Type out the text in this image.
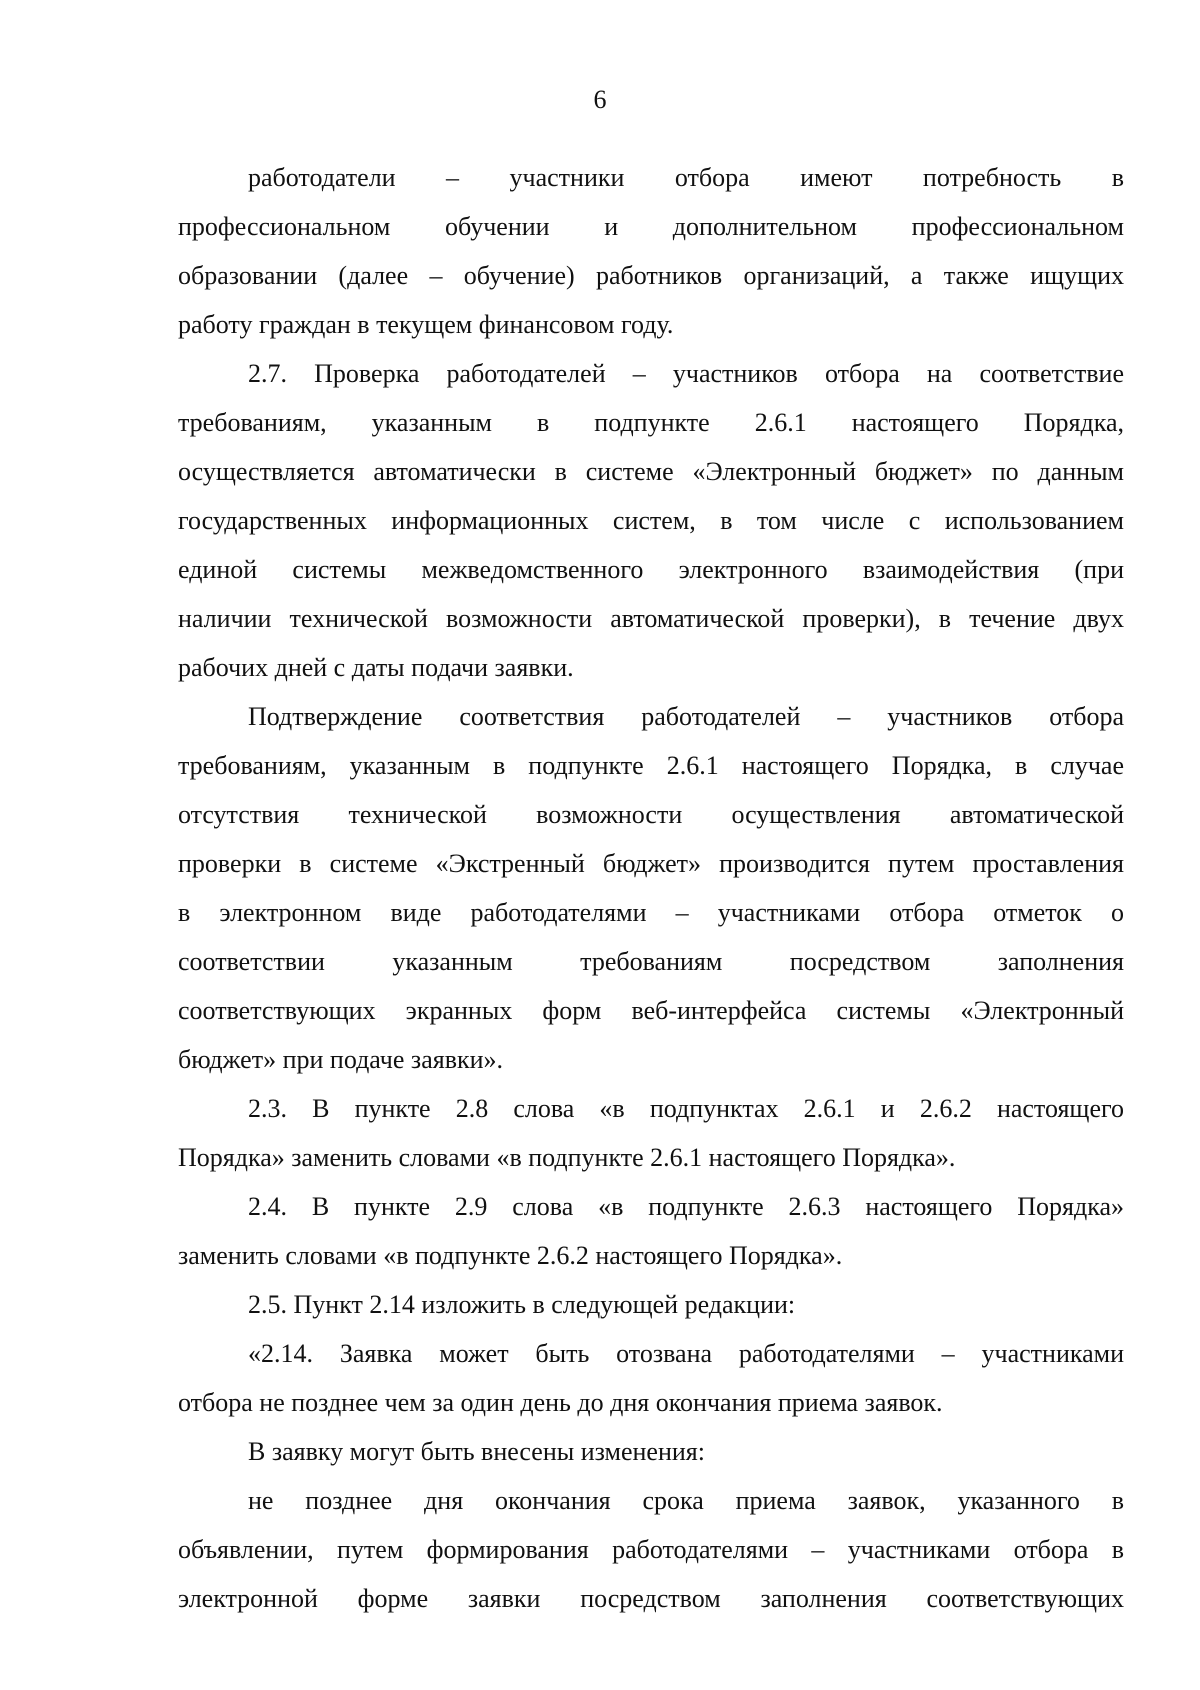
6
работодатели – участники отбора имеют потребность в
профессиональном обучении и дополнительном профессиональном
образовании (далее – обучение) работников организаций, а также ищущих
работу граждан в текущем финансовом году.
2.7. Проверка работодателей – участников отбора на соответствие
требованиям, указанным в подпункте 2.6.1 настоящего Порядка,
осуществляется автоматически в системе «Электронный бюджет» по данным
государственных информационных систем, в том числе с использованием
единой системы межведомственного электронного взаимодействия (при
наличии технической возможности автоматической проверки), в течение двух
рабочих дней с даты подачи заявки.
Подтверждение соответствия работодателей – участников отбора
требованиям, указанным в подпункте 2.6.1 настоящего Порядка, в случае
отсутствия технической возможности осуществления автоматической
проверки в системе «Экстренный бюджет» производится путем проставления
в электронном виде работодателями – участниками отбора отметок о
соответствии указанным требованиям посредством заполнения
соответствующих экранных форм веб-интерфейса системы «Электронный
бюджет» при подаче заявки».
2.3. В пункте 2.8 слова «в подпунктах 2.6.1 и 2.6.2 настоящего
Порядка» заменить словами «в подпункте 2.6.1 настоящего Порядка».
2.4. В пункте 2.9 слова «в подпункте 2.6.3 настоящего Порядка»
заменить словами «в подпункте 2.6.2 настоящего Порядка».
2.5. Пункт 2.14 изложить в следующей редакции:
«2.14. Заявка может быть отозвана работодателями – участниками
отбора не позднее чем за один день до дня окончания приема заявок.
В заявку могут быть внесены изменения:
не позднее дня окончания срока приема заявок, указанного в
объявлении, путем формирования работодателями – участниками отбора в
электронной форме заявки посредством заполнения соответствующих
